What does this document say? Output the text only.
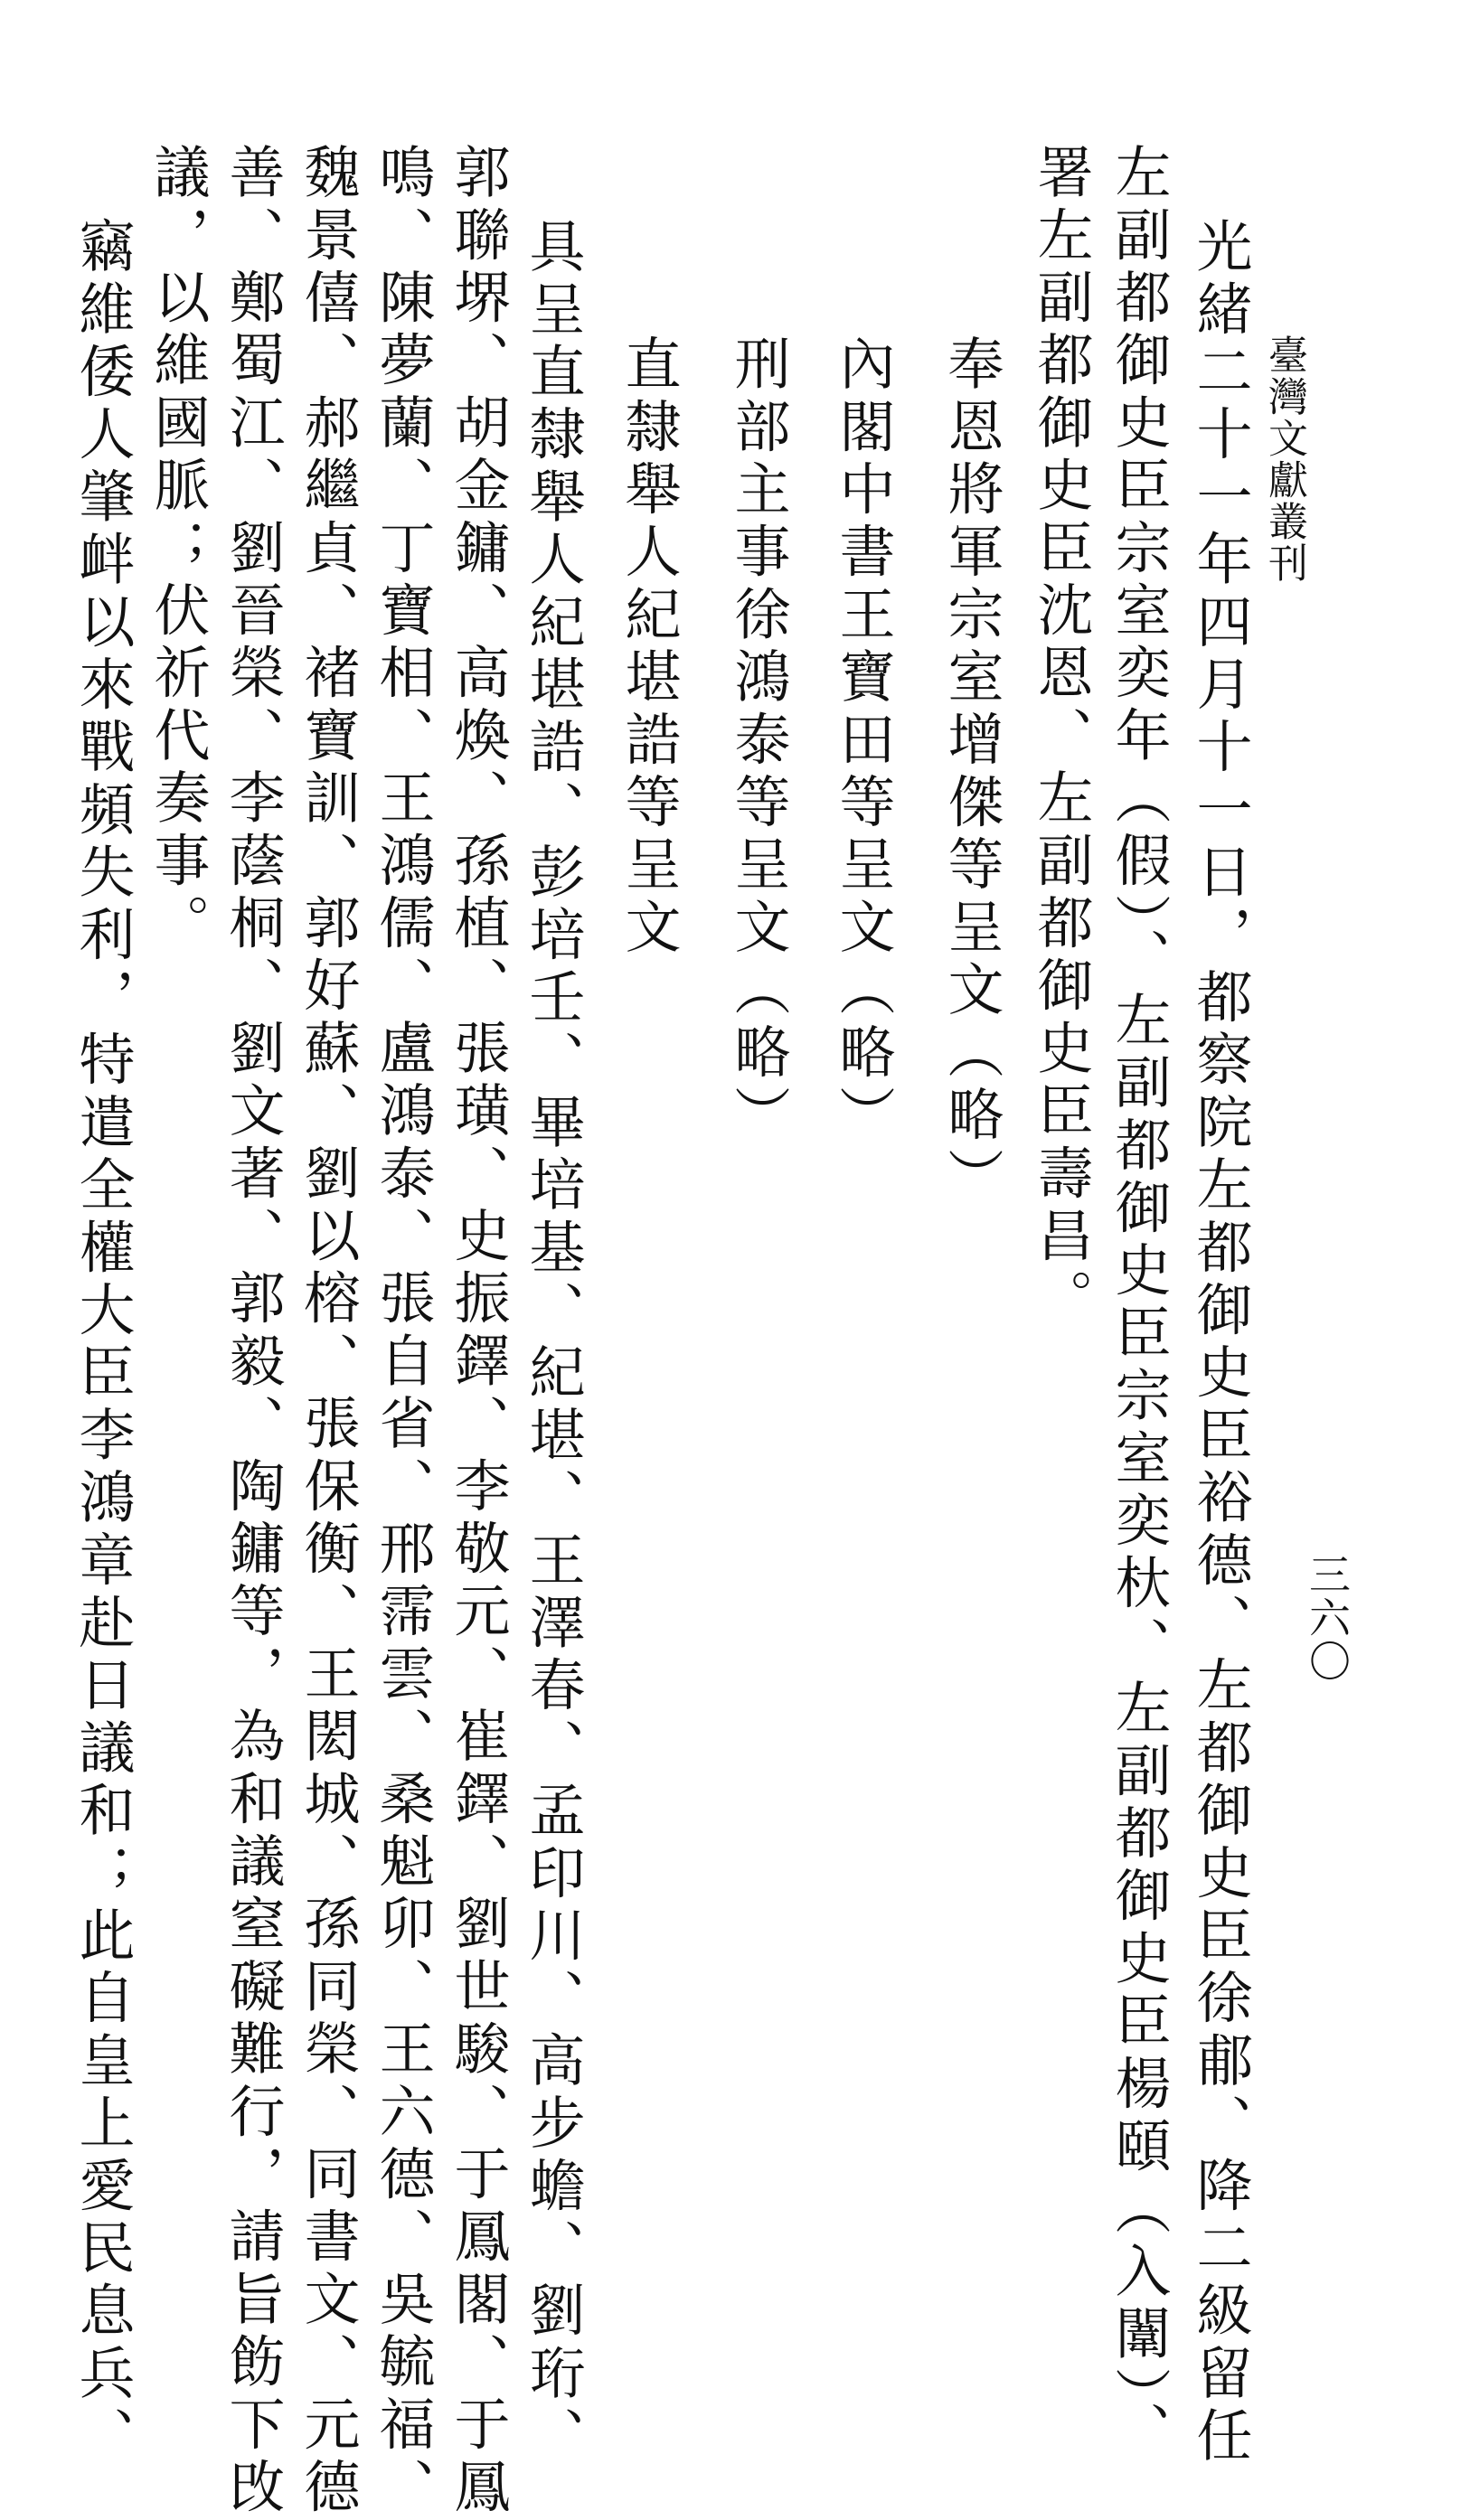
臺灣文獻叢刊
三六〇
光緒二十一年四月十一日，都察院左都御史臣裕德、左都御史臣徐郙、降二級留任
左副都御史臣宗室奕年（假）、左副都御史臣宗室奕杕、左副都御史臣楊頤（入闈）、
署左副都御史臣沈恩、左副都御史臣壽昌。
奉恩將軍宗室增傑等呈文（略）
內閣中書王寶田等呈文（略）
刑部主事徐鴻泰等呈文（略）
直隸舉人紀堪誥等呈文
具呈直隸舉人紀堪誥、彭培壬、畢培基、紀堪、王澤春、孟印川、高步蟾、劉珩、
郭聯堺、胡金鏞、高煥、孫植、張璜、史振鐸、李敬元、崔鐸、劉世駿、于鳳閣、于鳳
鳴、陳夢蘭、丁寶相、王鴻儒、盧鴻泰、張自省、邢霈雲、桑魁卯、王六德、吳毓福、
魏景僖、郝繼貞、褚寶訓、郭好蘇、劉以榕、張保衡、王閎城、孫同榮、同書文、元德
善、鄭蜀江、劉晉榮、李蔭桐、劉文著、郭毅、陶鏞等，為和議窒礙難行，請旨飭下攺
議，以維國脈；伏祈代奏事。
竊維倭人肇衅以來戰頻失利，特遣全權大臣李鴻章赴日議和；此自皇上愛民息兵、
